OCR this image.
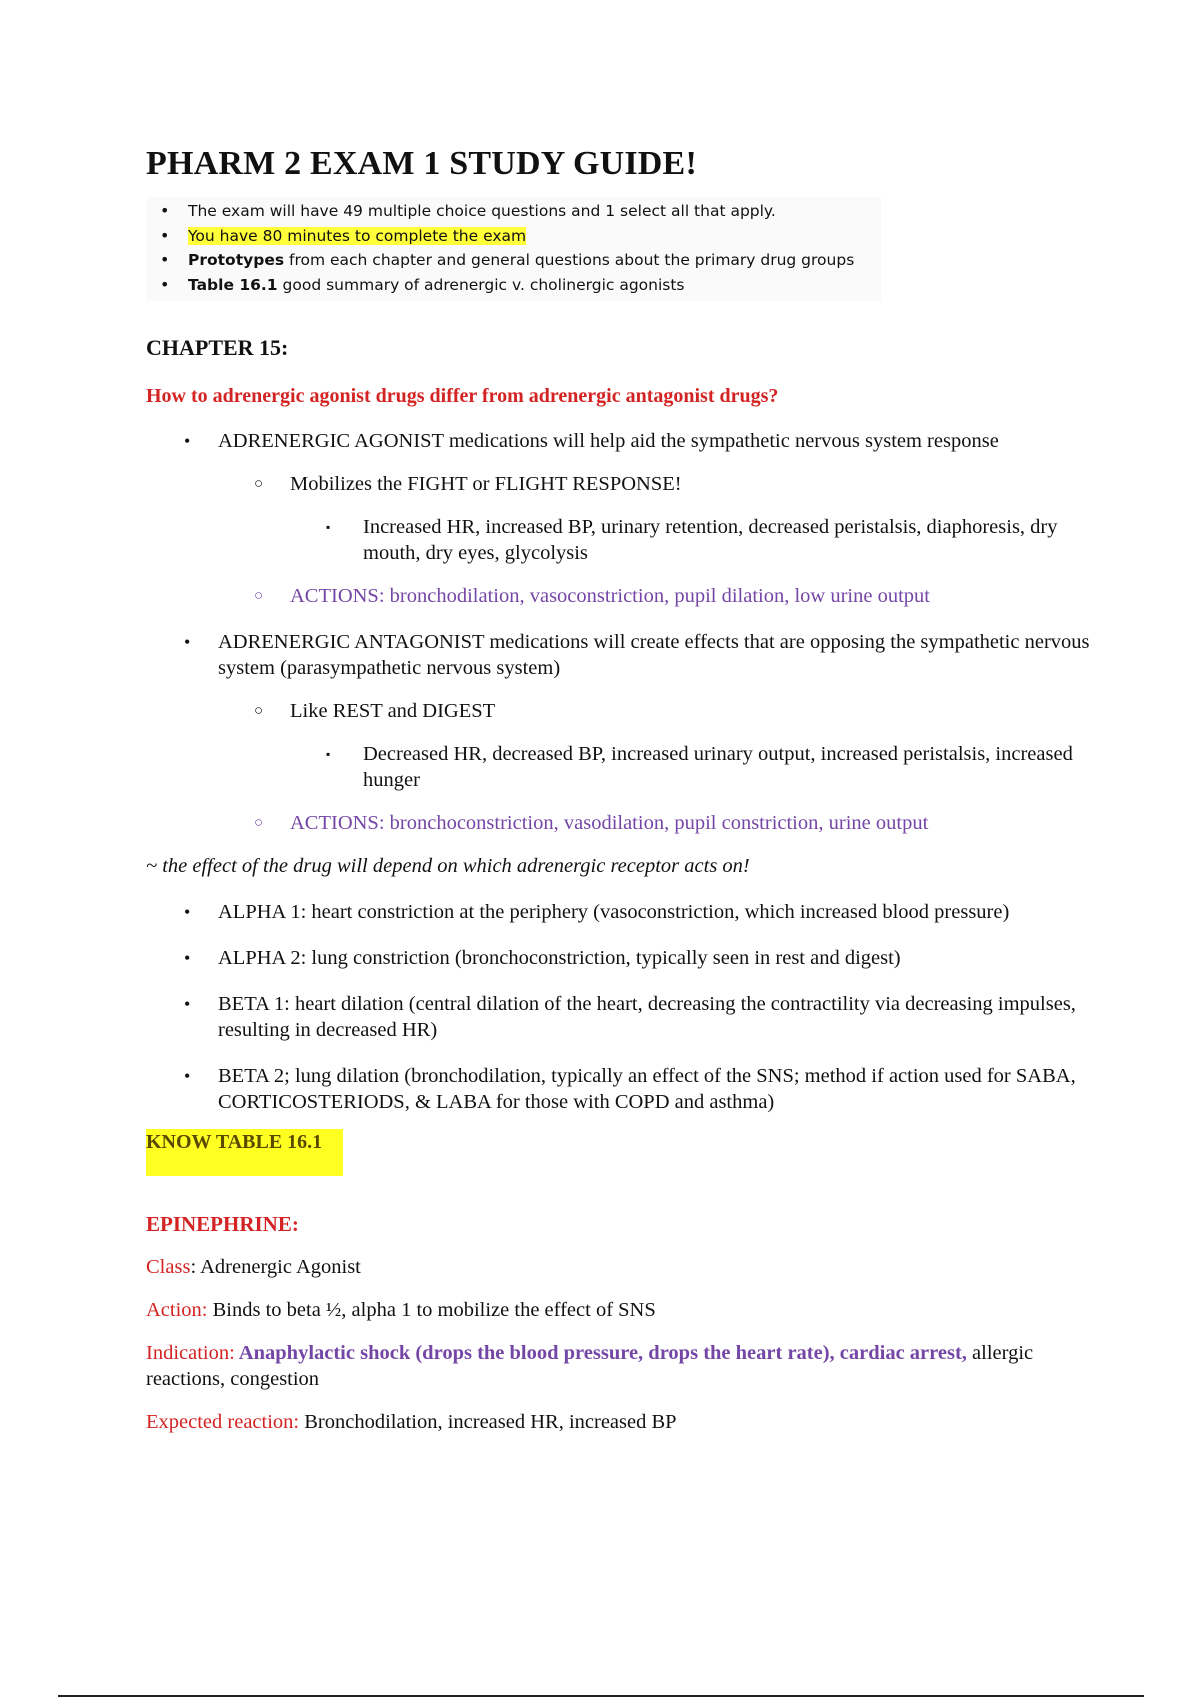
PHARM 2 EXAM 1 STUDY GUIDE!
• The exam will have 49 multiple choice questions and 1 select all that apply.
• You have 80 minutes to complete the exam
• Prototypes from each chapter and general questions about the primary drug groups
• Table 16.1 good summary of adrenergic v. cholinergic agonists
CHAPTER 15:
How to adrenergic agonist drugs differ from adrenergic antagonist drugs?
• ADRENERGIC AGONIST medications will help aid the sympathetic nervous system response
○ Mobilizes the FIGHT or FLIGHT RESPONSE!
▪ Increased HR, increased BP, urinary retention, decreased peristalsis, diaphoresis, dry mouth, dry eyes, glycolysis
○ ACTIONS: bronchodilation, vasoconstriction, pupil dilation, low urine output
• ADRENERGIC ANTAGONIST medications will create effects that are opposing the sympathetic nervous system (parasympathetic nervous system)
○ Like REST and DIGEST
▪ Decreased HR, decreased BP, increased urinary output, increased peristalsis, increased hunger
○ ACTIONS: bronchoconstriction, vasodilation, pupil constriction, urine output
~ the effect of the drug will depend on which adrenergic receptor acts on!
• ALPHA 1: heart constriction at the periphery (vasoconstriction, which increased blood pressure)
• ALPHA 2: lung constriction (bronchoconstriction, typically seen in rest and digest)
• BETA 1: heart dilation (central dilation of the heart, decreasing the contractility via decreasing impulses, resulting in decreased HR)
• BETA 2; lung dilation (bronchodilation, typically an effect of the SNS; method if action used for SABA, CORTICOSTERIODS, & LABA for those with COPD and asthma)
KNOW TABLE 16.1
EPINEPHRINE:
Class: Adrenergic Agonist
Action: Binds to beta ½, alpha 1 to mobilize the effect of SNS
Indication: Anaphylactic shock (drops the blood pressure, drops the heart rate), cardiac arrest, allergic reactions, congestion
Expected reaction: Bronchodilation, increased HR, increased BP
